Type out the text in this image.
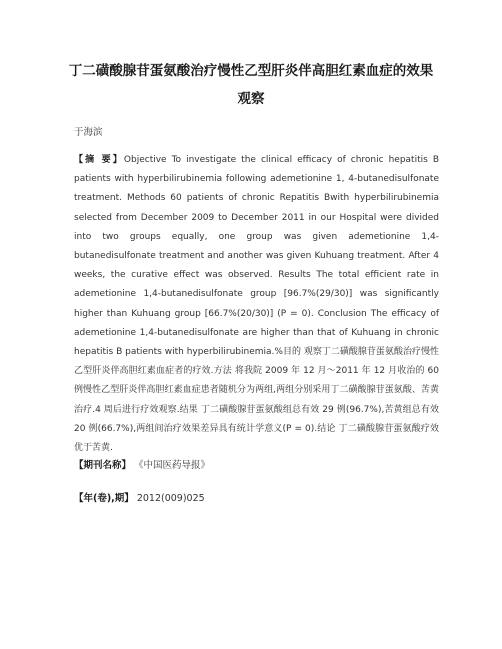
丁二磺酸腺苷蛋氨酸治疗慢性乙型肝炎伴高胆红素血症的效果
观察
于海滨
【摘 要】Objective To investigate the clinical efficacy of chronic hepatitis B patients with hyperbilirubinemia following ademetionine 1, 4-butanedisulfonate treatment. Methods 60 patients of chronic Repatitis Bwith hyperbilirubinemia selected from December 2009 to December 2011 in our Hospital were divided into two groups equally, one group was given ademetionine 1,4-butanedisulfonate treatment and another was given Kuhuang treatment. After 4 weeks, the curative effect was observed. Results The total efficient rate in ademetionine 1,4-butanedisulfonate group [96.7%(29/30)] was significantly higher than Kuhuang group [66.7%(20/30)] (P = 0). Conclusion The efficacy of ademetionine 1,4-butanedisulfonate are higher than that of Kuhuang in chronic hepatitis B patients with hyperbilirubinemia.%目的 观察丁二磺酸腺苷蛋氨酸治疗慢性乙型肝炎伴高胆红素血症者的疗效.方法 将我院 2009 年 12 月～2011 年 12 月收治的 60 例慢性乙型肝炎伴高胆红素血症患者随机分为两组,两组分别采用丁二磺酸腺苷蛋氨酸、苦黄治疗.4 周后进行疗效观察.结果 丁二磺酸腺苷蛋氨酸组总有效 29 例(96.7%),苦黄组总有效 20 例(66.7%),两组间治疗效果差异具有统计学意义(P = 0).结论 丁二磺酸腺苷蛋氨酸疗效优于苦黄.
【期刊名称】 《中国医药导报》
【年(卷),期】 2012(009)025
